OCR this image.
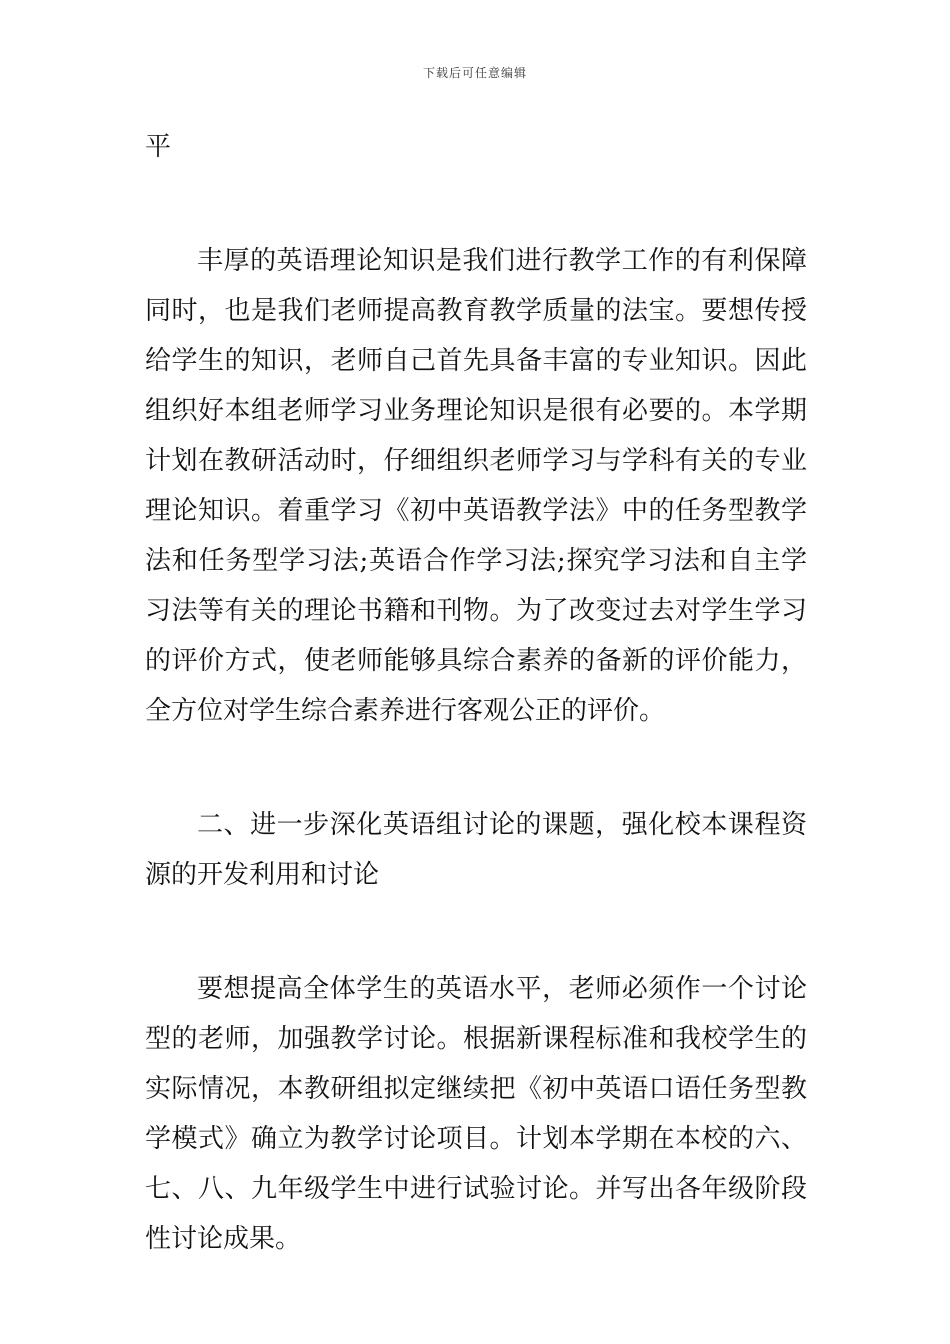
下载后可任意编辑

平

丰厚的英语理论知识是我们进行教学工作的有利保障同时，也是我们老师提高教育教学质量的法宝。要想传授给学生的知识，老师自己首先具备丰富的专业知识。因此组织好本组老师学习业务理论知识是很有必要的。本学期计划在教研活动时，仔细组织老师学习与学科有关的专业理论知识。着重学习《初中英语教学法》中的任务型教学法和任务型学习法;英语合作学习法;探究学习法和自主学习法等有关的理论书籍和刊物。为了改变过去对学生学习的评价方式，使老师能够具综合素养的备新的评价能力，全方位对学生综合素养进行客观公正的评价。

二、进一步深化英语组讨论的课题，强化校本课程资源的开发利用和讨论

要想提高全体学生的英语水平，老师必须作一个讨论型的老师，加强教学讨论。根据新课程标准和我校学生的实际情况，本教研组拟定继续把《初中英语口语任务型教学模式》确立为教学讨论项目。计划本学期在本校的六、七、八、九年级学生中进行试验讨论。并写出各年级阶段性讨论成果。
